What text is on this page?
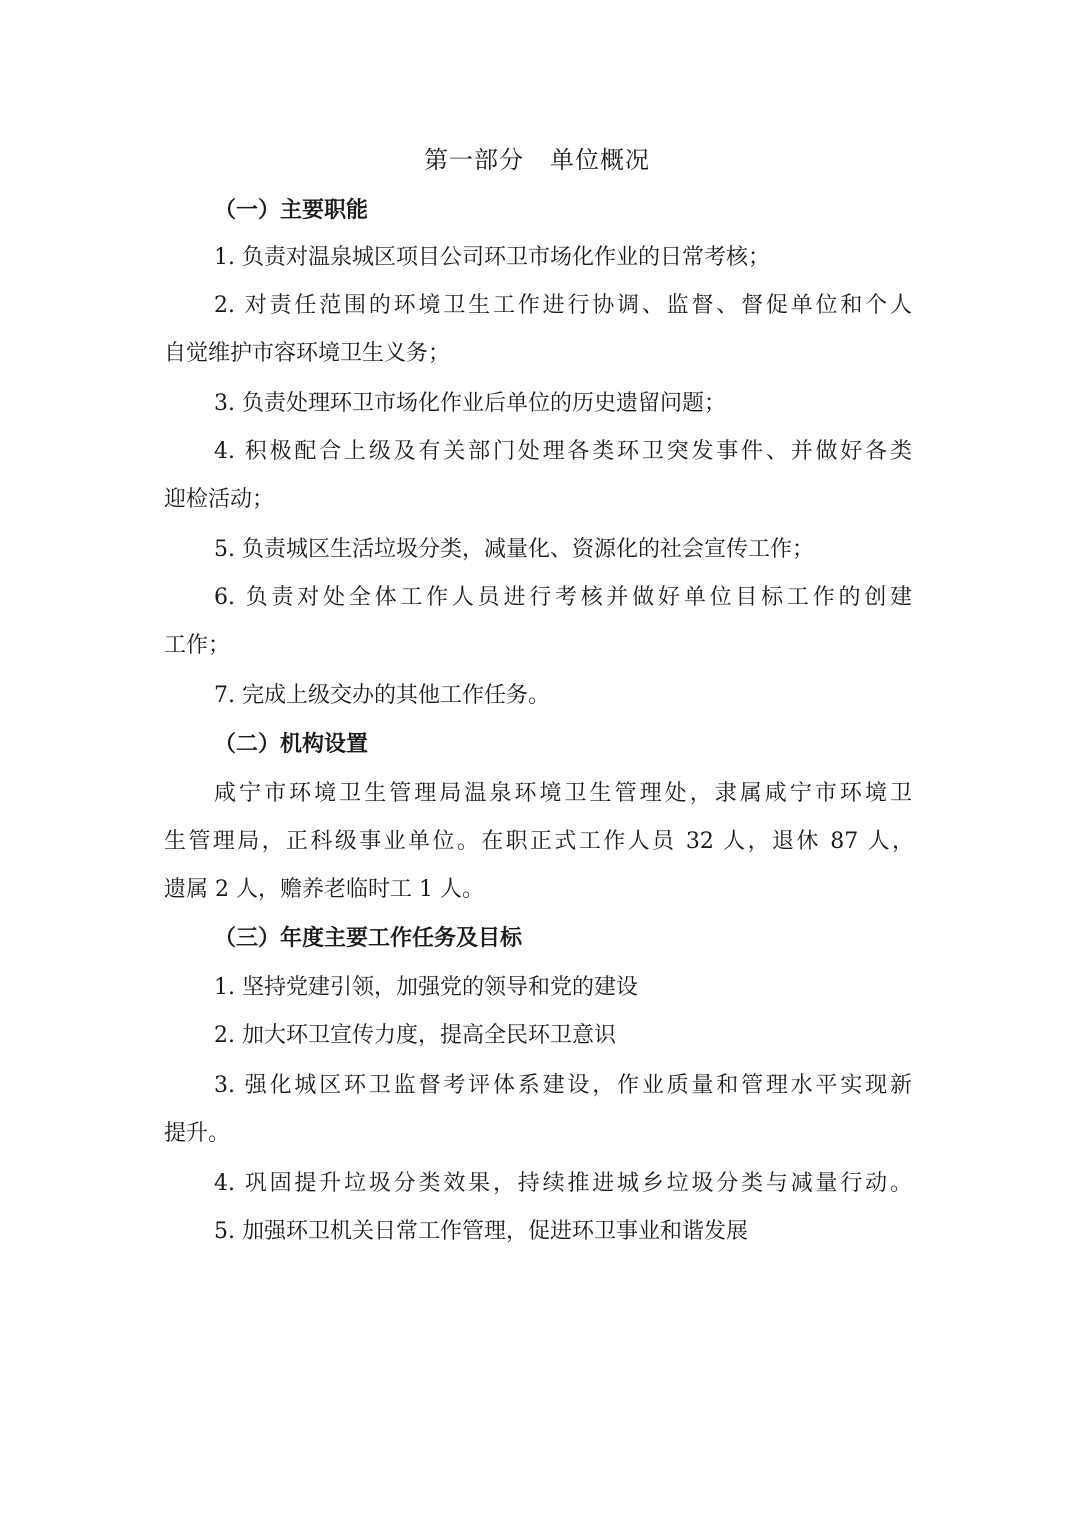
第一部分 单位概况
（一）主要职能

1. 负责对温泉城区项目公司环卫市场化作业的日常考核；

2. 对责任范围的环境卫生工作进行协调、监督、督促单位和个人

自觉维护市容环境卫生义务；

3. 负责处理环卫市场化作业后单位的历史遗留问题；

4. 积极配合上级及有关部门处理各类环卫突发事件、并做好各类

迎检活动；

5. 负责城区生活垃圾分类，减量化、资源化的社会宣传工作；

6. 负责对处全体工作人员进行考核并做好单位目标工作的创建

工作；

7. 完成上级交办的其他工作任务。

（二）机构设置

咸宁市环境卫生管理局温泉环境卫生管理处，隶属咸宁市环境卫

生管理局，正科级事业单位。在职正式工作人员 32 人，退休 87 人，

遗属 2 人，赡养老临时工 1 人。

（三）年度主要工作任务及目标

1. 坚持党建引领，加强党的领导和党的建设

2. 加大环卫宣传力度，提高全民环卫意识

3. 强化城区环卫监督考评体系建设，作业质量和管理水平实现新

提升。

4. 巩固提升垃圾分类效果，持续推进城乡垃圾分类与减量行动。

5. 加强环卫机关日常工作管理，促进环卫事业和谐发展
